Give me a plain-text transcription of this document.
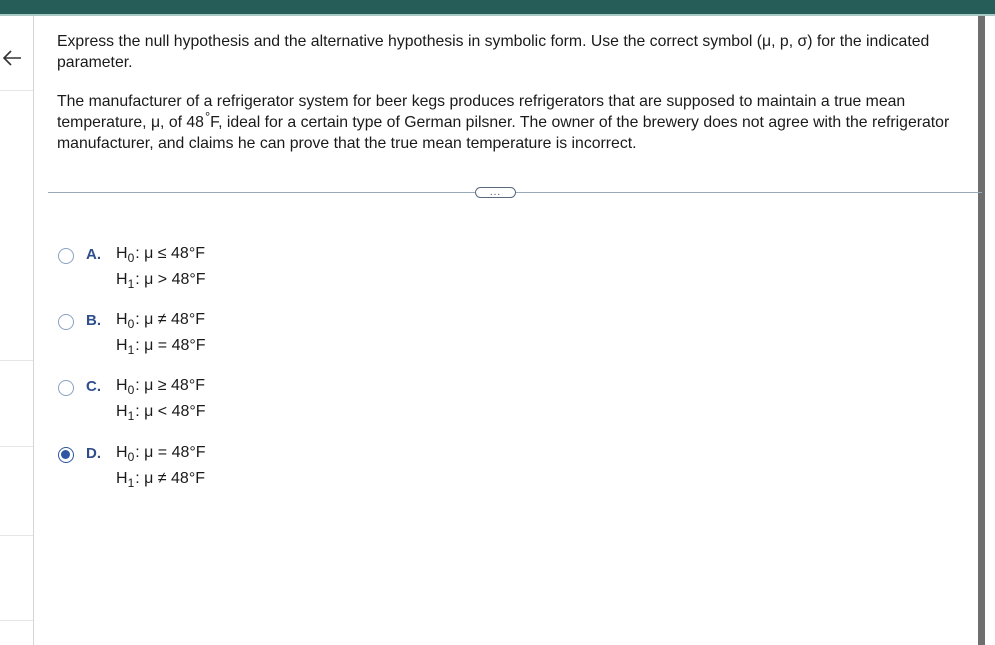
Express the null hypothesis and the alternative hypothesis in symbolic form. Use the correct symbol (μ, p, σ) for the indicated parameter.

The manufacturer of a refrigerator system for beer kegs produces refrigerators that are supposed to maintain a true mean temperature, μ, of 48°F, ideal for a certain type of German pilsner. The owner of the brewery does not agree with the refrigerator manufacturer, and claims he can prove that the true mean temperature is incorrect.

...
A. $H_0$: μ ≤ 48°F
$H_1$: μ > 48°F
B. $H_0$: μ ≠ 48°F
$H_1$: μ = 48°F
C. $H_0$: μ ≥ 48°F
$H_1$: μ < 48°F
D. $H_0$: μ = 48°F
$H_1$: μ ≠ 48°F
